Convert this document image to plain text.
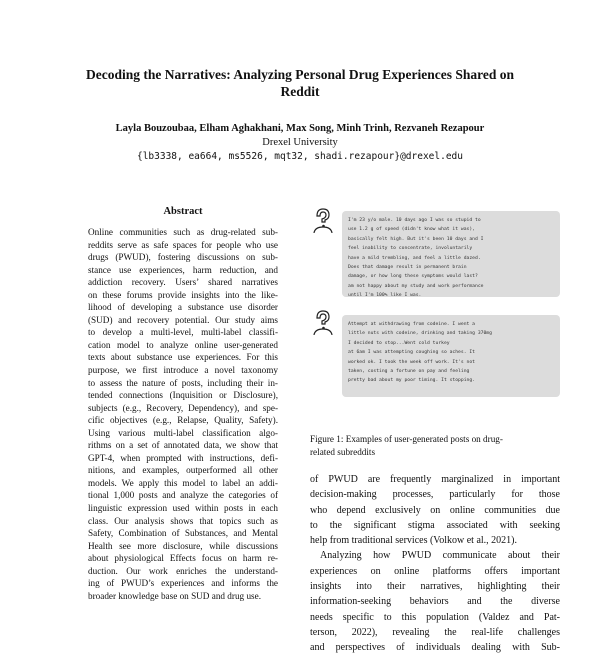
Decoding the Narratives: Analyzing Personal Drug Experiences Shared on
Reddit
Layla Bouzoubaa, Elham Aghakhani, Max Song, Minh Trinh, Rezvaneh Rezapour
Drexel University
{lb3338, ea664, ms5526, mqt32, shadi.rezapour}@drexel.edu
Abstract
Online communities such as drug-related sub-
reddits serve as safe spaces for people who use
drugs (PWUD), fostering discussions on sub-
stance use experiences, harm reduction, and
addiction recovery. Users’ shared narratives
on these forums provide insights into the like-
lihood of developing a substance use disorder
(SUD) and recovery potential. Our study aims
to develop a multi-level, multi-label classifi-
cation model to analyze online user-generated
texts about substance use experiences. For this
purpose, we first introduce a novel taxonomy
to assess the nature of posts, including their in-
tended connections (Inquisition or Disclosure),
subjects (e.g., Recovery, Dependency), and spe-
cific objectives (e.g., Relapse, Quality, Safety).
Using various multi-label classification algo-
rithms on a set of annotated data, we show that
GPT-4, when prompted with instructions, defi-
nitions, and examples, outperformed all other
models. We apply this model to label an addi-
tional 1,000 posts and analyze the categories of
linguistic expression used within posts in each
class. Our analysis shows that topics such as
Safety, Combination of Substances, and Mental
Health see more disclosure, while discussions
about physiological Effects focus on harm re-
duction. Our work enriches the understand-
ing of PWUD’s experiences and informs the
broader knowledge base on SUD and drug use.
I'm 23 y/o male. 10 days ago I was so stupid to
use 1.2 g of speed (didn't know what it was),
basically felt high. But it's been 10 days and I
feel inability to concentrate, involuntarily
have a mild trembling, and feel a little dazed.
Does that damage result in permanent brain
damage, or how long these symptoms would last?
am not happy about my study and work performance
until I'm 100% like I was.
Attempt at withdrawing from codeine. I went a
little nuts with codeine, drinking and taking 370mg
I decided to stop...Went cold turkey
at 6am I was attempting coughing so aches. It
worked ok. I took the week off work. It's not
taken, costing a fortune on pay and feeling
pretty bad about my poor timing. It stopping.
Figure 1: Examples of user-generated posts on drug-
related subreddits
of PWUD are frequently marginalized in important
decision-making processes, particularly for those
who depend exclusively on online communities due
to the significant stigma associated with seeking
help from traditional services (Volkow et al., 2021).
Analyzing how PWUD communicate about their
experiences on online platforms offers important
insights into their narratives, highlighting their
information-seeking behaviors and the diverse
needs specific to this population (Valdez and Pat-
terson, 2022), revealing the real-life challenges
and perspectives of individuals dealing with Sub-
